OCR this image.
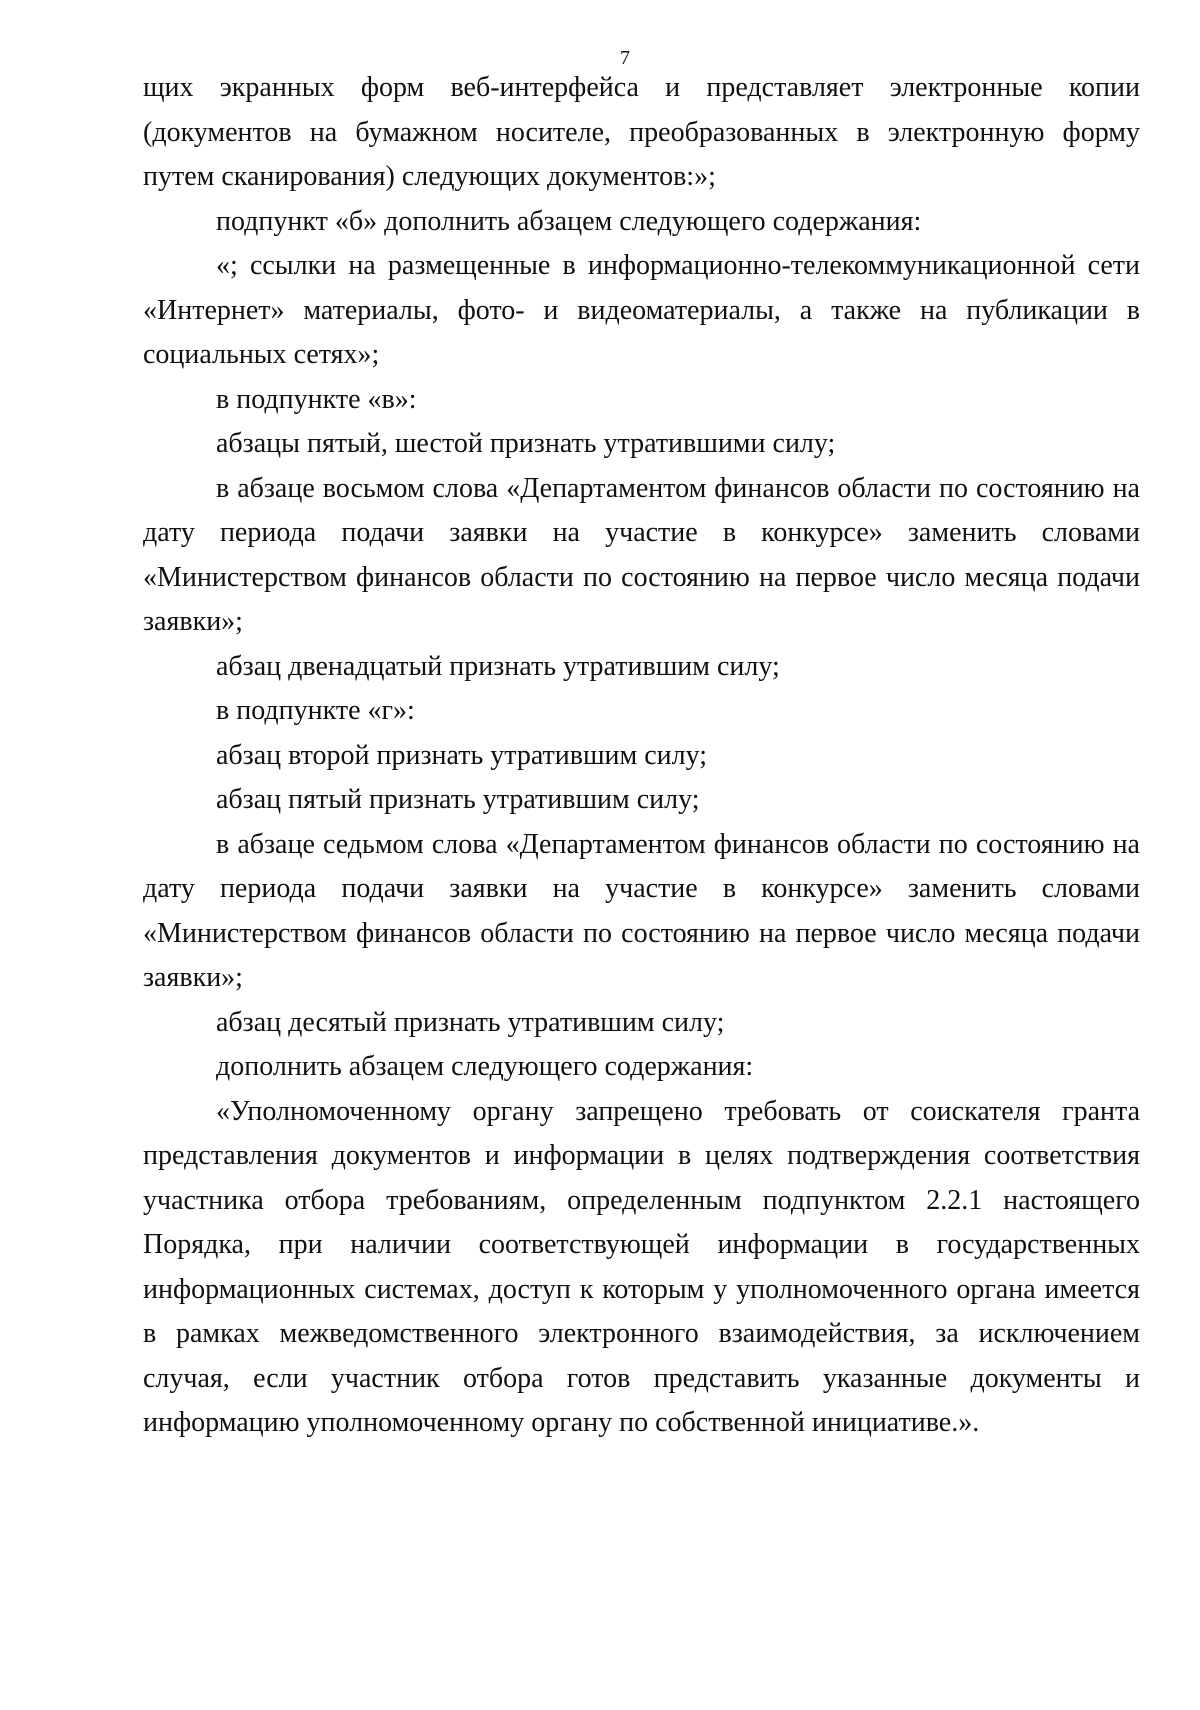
7

щих экранных форм веб-интерфейса и представляет электронные копии (документов на бумажном носителе, преобразованных в электронную форму путем сканирования) следующих документов:»;

подпункт «б» дополнить абзацем следующего содержания:

«; ссылки на размещенные в информационно-телекоммуникационной сети «Интернет» материалы, фото- и видеоматериалы, а также на публикации в социальных сетях»;

в подпункте «в»:

абзацы пятый, шестой признать утратившими силу;

в абзаце восьмом слова «Департаментом финансов области по состоянию на дату периода подачи заявки на участие в конкурсе» заменить словами «Министерством финансов области по состоянию на первое число месяца подачи заявки»;

абзац двенадцатый признать утратившим силу;

в подпункте «г»:

абзац второй признать утратившим силу;

абзац пятый признать утратившим силу;

в абзаце седьмом слова «Департаментом финансов области по состоянию на дату периода подачи заявки на участие в конкурсе» заменить словами «Министерством финансов области по состоянию на первое число месяца подачи заявки»;

абзац десятый признать утратившим силу;

дополнить абзацем следующего содержания:

«Уполномоченному органу запрещено требовать от соискателя гранта представления документов и информации в целях подтверждения соответствия участника отбора требованиям, определенным подпунктом 2.2.1 настоящего Порядка, при наличии соответствующей информации в государственных информационных системах, доступ к которым у уполномоченного органа имеется в рамках межведомственного электронного взаимодействия, за исключением случая, если участник отбора готов представить указанные документы и информацию уполномоченному органу по собственной инициативе.».
